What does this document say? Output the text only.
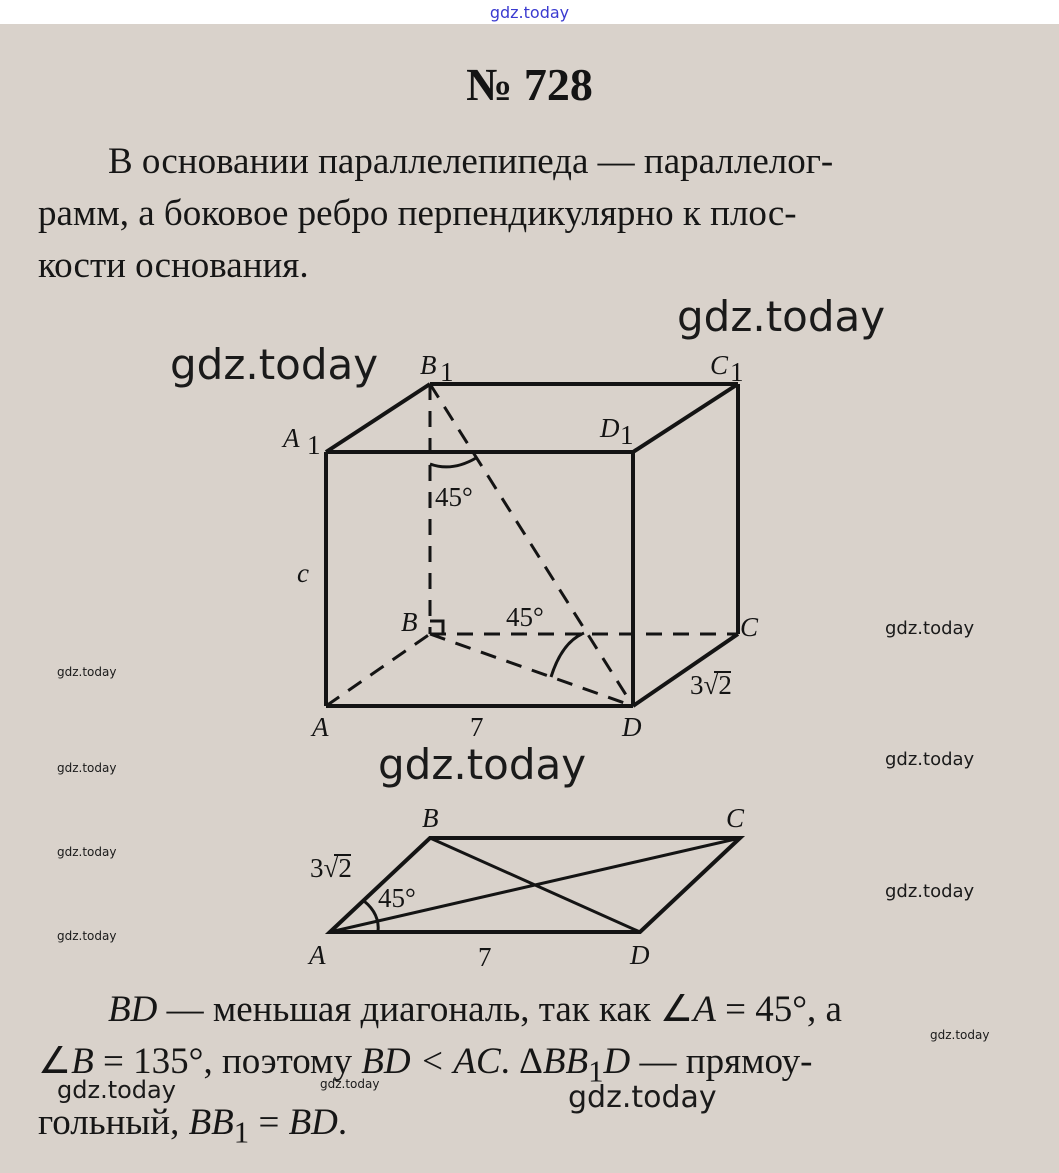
gdz.today
№ 728
В основании параллелепипеда — параллелог-
рамм, а боковое ребро перпендикулярно к плос-
кости основания.
A	D
C
B
A 1
B 1	C 1
D 1
c
7
3√2
45°
45°
A
B	C
D
3√2
7
45°
BD — меньшая диагональ, так как ∠A = 45°, а
∠B = 135°, поэтому BD < AC. $\Delta BB_1D$ — прямоу-
гольный, $BB_1$ = BD.
gdz.today
gdz.today
gdz.today
gdz.today
gdz.today
gdz.today
gdz.today
gdz.today
gdz.today
gdz.today
gdz.today
gdz.today
gdz.today
gdz.today
